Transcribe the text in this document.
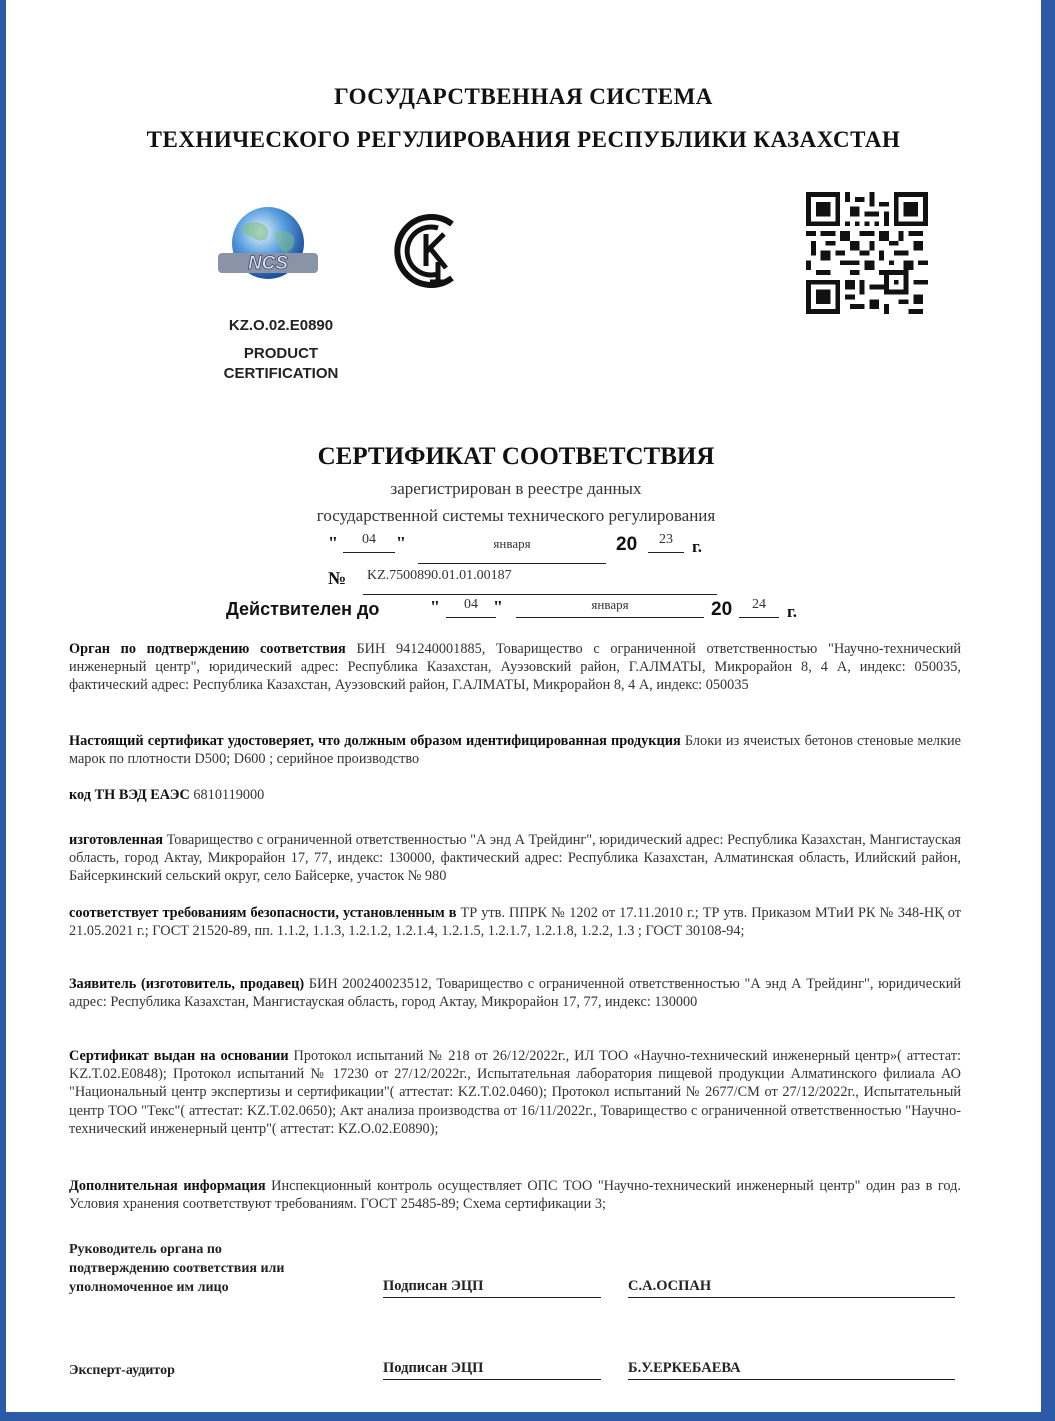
ГОСУДАРСТВЕННАЯ СИСТЕМА
ТЕХНИЧЕСКОГО РЕГУЛИРОВАНИЯ РЕСПУБЛИКИ КАЗАХСТАН
NCS
KZ.O.02.E0890
PRODUCT
CERTIFICATION
СЕРТИФИКАТ СООТВЕТСТВИЯ
зарегистрирован в реестре данных
государственной системы технического регулирования
"	04	"	января	20	23	г.
№ KZ.7500890.01.01.00187
Действителен до	"	04 "	января	20	24	г.
Орган по подтверждению соответствия БИН 941240001885, Товарищество с ограниченной ответственностью "Научно-технический инженерный центр", юридический адрес: Республика Казахстан, Ауэзовский район, Г.АЛМАТЫ, Микрорайон 8, 4 А, индекс: 050035, фактический адрес: Республика Казахстан, Ауэзовский район, Г.АЛМАТЫ, Микрорайон 8, 4 А, индекс: 050035
Настоящий сертификат удостоверяет, что должным образом идентифицированная продукция Блоки из ячеистых бетонов стеновые мелкие марок по плотности D500; D600 ; серийное производство
код ТН ВЭД ЕАЭС 6810119000
изготовленная Товарищество с ограниченной ответственностью "А энд А Трейдинг", юридический адрес: Республика Казахстан, Мангистауская область, город Актау, Микрорайон 17, 77, индекс: 130000, фактический адрес: Республика Казахстан, Алматинская область, Илийский район, Байсеркинский сельский округ, село Байсерке, участок № 980
соответствует требованиям безопасности, установленным в ТР утв. ППРК № 1202 от 17.11.2010 г.; ТР утв. Приказом МТиИ РК № 348-НҚ от 21.05.2021 г.; ГОСТ 21520-89, пп. 1.1.2, 1.1.3, 1.2.1.2, 1.2.1.4, 1.2.1.5, 1.2.1.7, 1.2.1.8, 1.2.2, 1.3 ; ГОСТ 30108-94;
Заявитель (изготовитель, продавец) БИН 200240023512, Товарищество с ограниченной ответственностью "А энд А Трейдинг", юридический адрес: Республика Казахстан, Мангистауская область, город Актау, Микрорайон 17, 77, индекс: 130000
Сертификат выдан на основании Протокол испытаний № 218 от 26/12/2022г., ИЛ ТОО «Научно-технический инженерный центр»( аттестат: KZ.T.02.E0848); Протокол испытаний № 17230 от 27/12/2022г., Испытательная лаборатория пищевой продукции Алматинского филиала АО "Национальный центр экспертизы и сертификации"( аттестат: KZ.T.02.0460); Протокол испытаний № 2677/СМ от 27/12/2022г., Испытательный центр ТОО "Текс"( аттестат: KZ.T.02.0650); Акт анализа производства от 16/11/2022г., Товарищество с ограниченной ответственностью "Научно-технический инженерный центр"( аттестат: KZ.O.02.E0890);
Дополнительная информация Инспекционный контроль осуществляет ОПС ТОО "Научно-технический инженерный центр" один раз в год. Условия хранения соответствуют требованиям. ГОСТ 25485-89; Схема сертификации 3;
Руководитель органа по
подтверждению соответствия или
уполномоченное им лицо	Подписан ЭЦП	С.А.ОСПАН
Эксперт-аудитор	Подписан ЭЦП	Б.У.ЕРКЕБАЕВА
